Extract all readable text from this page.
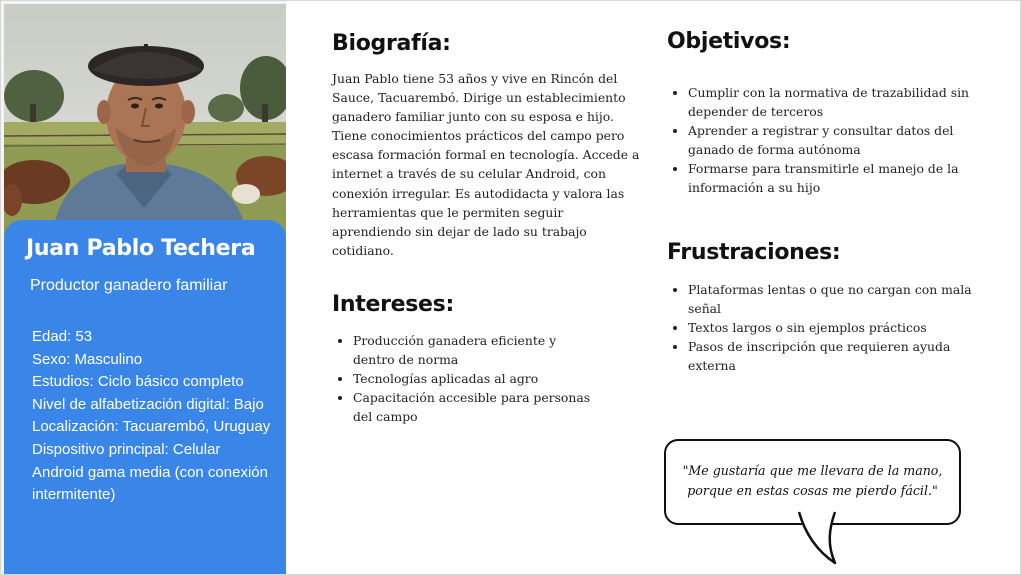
Juan Pablo Techera

Productor ganadero familiar

Edad: 53
Sexo: Masculino
Estudios: Ciclo básico completo
Nivel de alfabetización digital: Bajo
Localización: Tacuarembó, Uruguay
Dispositivo principal: Celular Android gama media (con conexión intermitente)
Biografía:

Juan Pablo tiene 53 años y vive en Rincón del Sauce, Tacuarembó. Dirige un establecimiento ganadero familiar junto con su esposa e hijo. Tiene conocimientos prácticos del campo pero escasa formación formal en tecnología. Accede a internet a través de su celular Android, con conexión irregular. Es autodidacta y valora las herramientas que le permiten seguir aprendiendo sin dejar de lado su trabajo cotidiano.

Intereses:
• Producción ganadera eficiente y dentro de norma
• Tecnologías aplicadas al agro
• Capacitación accesible para personas del campo
Objetivos:
• Cumplir con la normativa de trazabilidad sin depender de terceros
• Aprender a registrar y consultar datos del ganado de forma autónoma
• Formarse para transmitirle el manejo de la información a su hijo
Frustraciones:
• Plataformas lentas o que no cargan con mala señal
• Textos largos o sin ejemplos prácticos
• Pasos de inscripción que requieren ayuda externa

"Me gustaría que me llevara de la mano, porque en estas cosas me pierdo fácil."
